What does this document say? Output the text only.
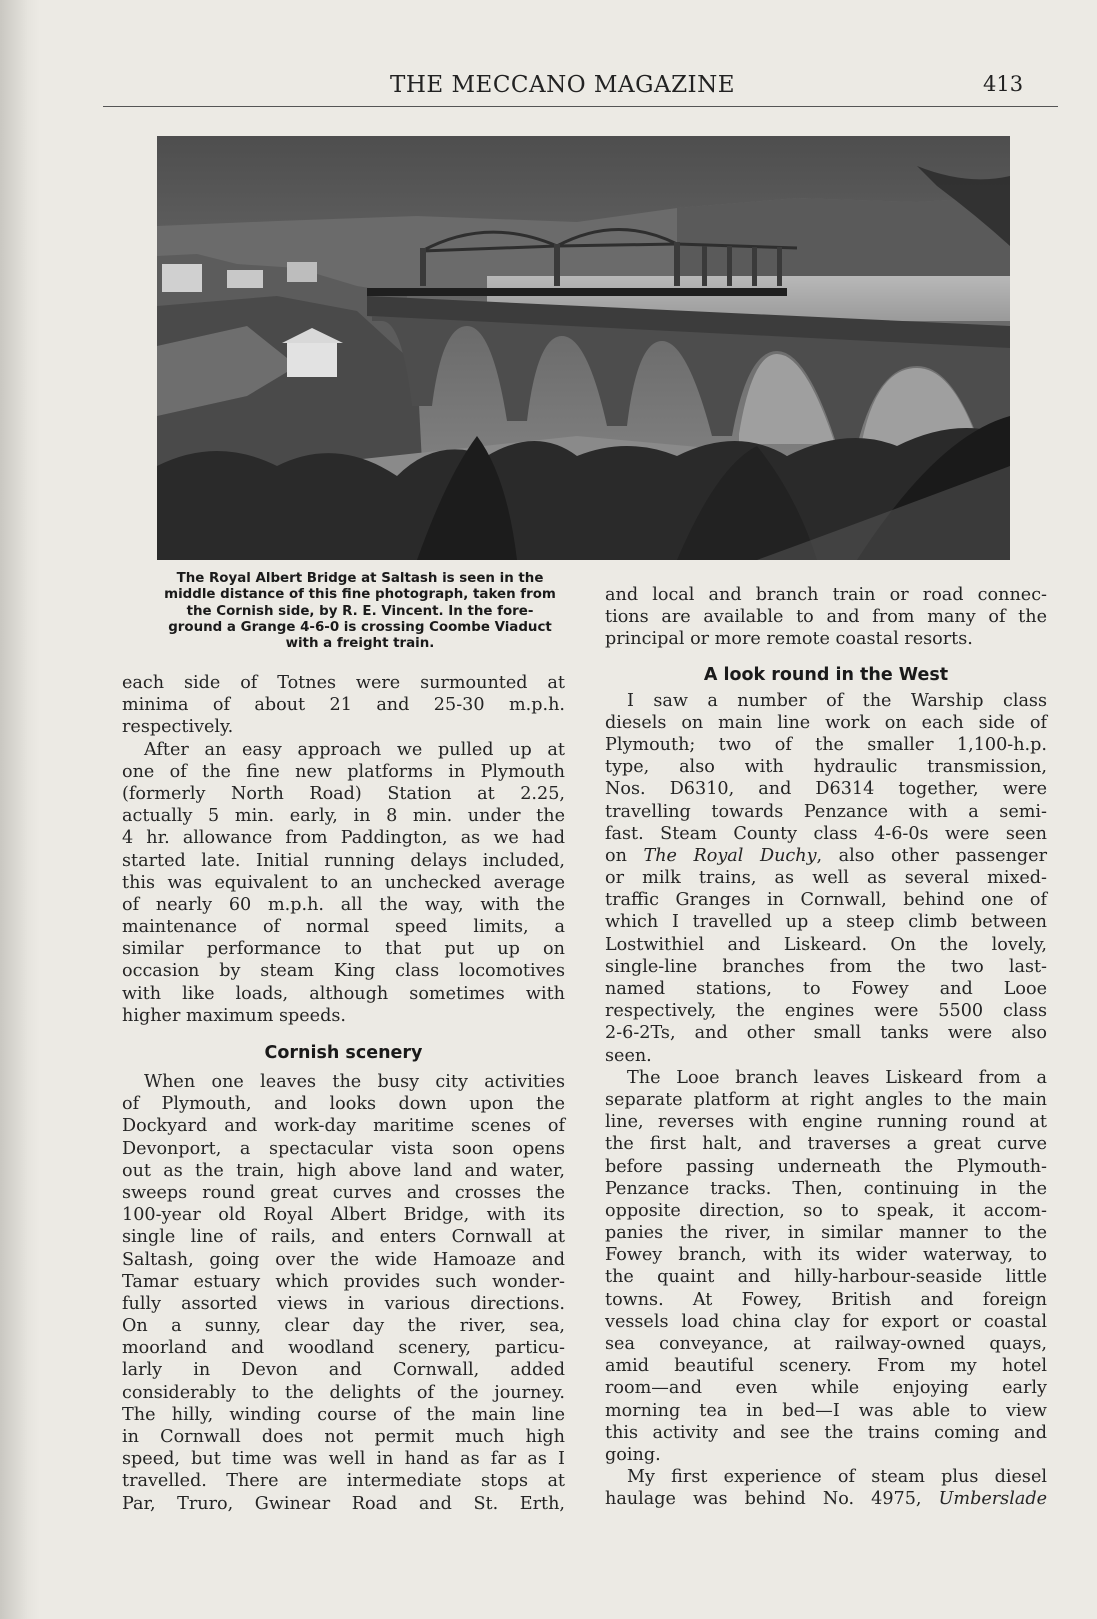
THE MECCANO MAGAZINE	413
The Royal Albert Bridge at Saltash is seen in the
middle distance of this fine photograph, taken from
the Cornish side, by R. E. Vincent. In the fore-
ground a Grange 4-6-0 is crossing Coombe Viaduct
with a freight train.
each side of Totnes were surmounted at
minima of about 21 and 25-30 m.p.h.
respectively.
After an easy approach we pulled up at
one of the fine new platforms in Plymouth
(formerly North Road) Station at 2.25,
actually 5 min. early, in 8 min. under the
4 hr. allowance from Paddington, as we had
started late. Initial running delays included,
this was equivalent to an unchecked average
of nearly 60 m.p.h. all the way, with the
maintenance of normal speed limits, a
similar performance to that put up on
occasion by steam King class locomotives
with like loads, although sometimes with
higher maximum speeds.
Cornish scenery
When one leaves the busy city activities
of Plymouth, and looks down upon the
Dockyard and work-day maritime scenes of
Devonport, a spectacular vista soon opens
out as the train, high above land and water,
sweeps round great curves and crosses the
100-year old Royal Albert Bridge, with its
single line of rails, and enters Cornwall at
Saltash, going over the wide Hamoaze and
Tamar estuary which provides such wonder-
fully assorted views in various directions.
On a sunny, clear day the river, sea,
moorland and woodland scenery, particu-
larly in Devon and Cornwall, added
considerably to the delights of the journey.
The hilly, winding course of the main line
in Cornwall does not permit much high
speed, but time was well in hand as far as I
travelled. There are intermediate stops at
Par, Truro, Gwinear Road and St. Erth,
and local and branch train or road connec-
tions are available to and from many of the
principal or more remote coastal resorts.
A look round in the West
I saw a number of the Warship class
diesels on main line work on each side of
Plymouth; two of the smaller 1,100-h.p.
type, also with hydraulic transmission,
Nos. D6310, and D6314 together, were
travelling towards Penzance with a semi-
fast. Steam County class 4-6-0s were seen
on The Royal Duchy, also other passenger
or milk trains, as well as several mixed-
traffic Granges in Cornwall, behind one of
which I travelled up a steep climb between
Lostwithiel and Liskeard. On the lovely,
single-line branches from the two last-
named stations, to Fowey and Looe
respectively, the engines were 5500 class
2-6-2Ts, and other small tanks were also
seen.
The Looe branch leaves Liskeard from a
separate platform at right angles to the main
line, reverses with engine running round at
the first halt, and traverses a great curve
before passing underneath the Plymouth-
Penzance tracks. Then, continuing in the
opposite direction, so to speak, it accom-
panies the river, in similar manner to the
Fowey branch, with its wider waterway, to
the quaint and hilly-harbour-seaside little
towns. At Fowey, British and foreign
vessels load china clay for export or coastal
sea conveyance, at railway-owned quays,
amid beautiful scenery. From my hotel
room—and even while enjoying early
morning tea in bed—I was able to view
this activity and see the trains coming and
going.
My first experience of steam plus diesel
haulage was behind No. 4975, Umberslade
